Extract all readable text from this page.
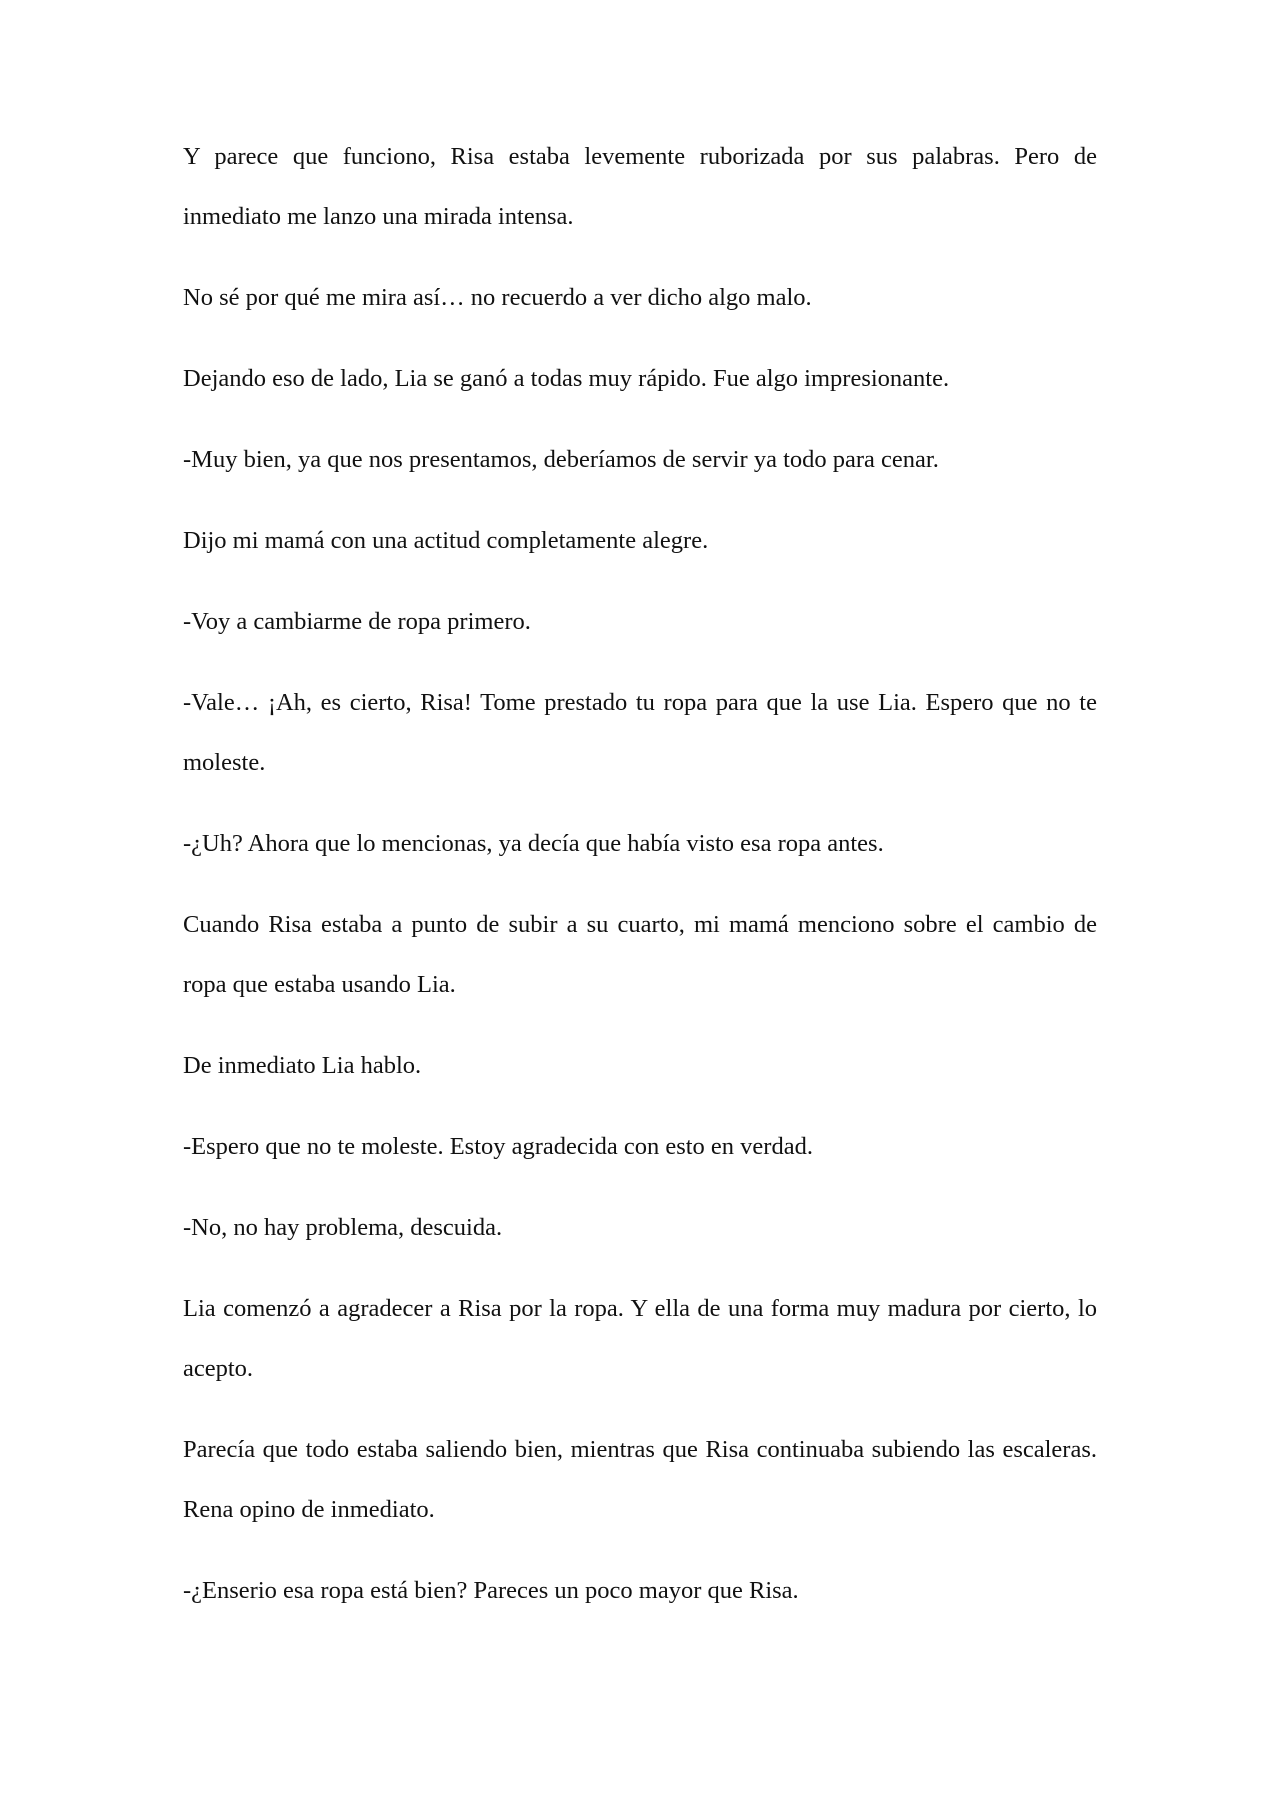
Y parece que funciono, Risa estaba levemente ruborizada por sus palabras. Pero de inmediato me lanzo una mirada intensa.

No sé por qué me mira así… no recuerdo a ver dicho algo malo.

Dejando eso de lado, Lia se ganó a todas muy rápido. Fue algo impresionante.

-Muy bien, ya que nos presentamos, deberíamos de servir ya todo para cenar.

Dijo mi mamá con una actitud completamente alegre.

-Voy a cambiarme de ropa primero.

-Vale… ¡Ah, es cierto, Risa! Tome prestado tu ropa para que la use Lia. Espero que no te moleste.

-¿Uh? Ahora que lo mencionas, ya decía que había visto esa ropa antes.

Cuando Risa estaba a punto de subir a su cuarto, mi mamá menciono sobre el cambio de ropa que estaba usando Lia.

De inmediato Lia hablo.

-Espero que no te moleste. Estoy agradecida con esto en verdad.

-No, no hay problema, descuida.

Lia comenzó a agradecer a Risa por la ropa. Y ella de una forma muy madura por cierto, lo acepto.

Parecía que todo estaba saliendo bien, mientras que Risa continuaba subiendo las escaleras. Rena opino de inmediato.

-¿Enserio esa ropa está bien? Pareces un poco mayor que Risa.
